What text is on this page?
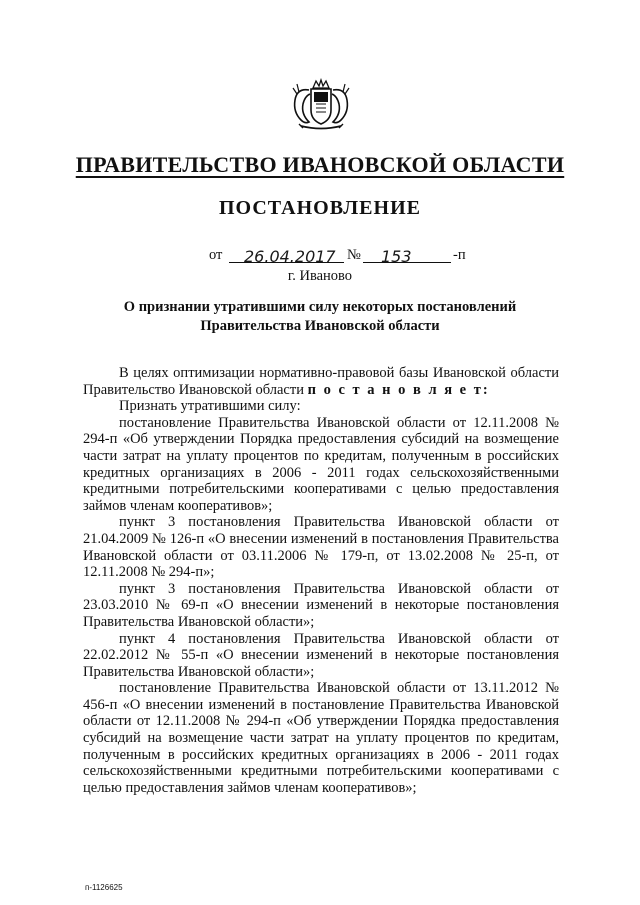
ПРАВИТЕЛЬСТВО ИВАНОВСКОЙ ОБЛАСТИ
ПОСТАНОВЛЕНИЕ
от 26.04.2017 № 153	-п
г. Иваново
О признании утратившими силу некоторых постановлений
Правительства Ивановской области

В целях оптимизации нормативно-правовой базы Ивановской области Правительство Ивановской области п о с т а н о в л я е т:

Признать утратившими силу:

постановление Правительства Ивановской области от 12.11.2008 № 294-п «Об утверждении Порядка предоставления субсидий на возмещение части затрат на уплату процентов по кредитам, полученным в российских кредитных организациях в 2006 - 2011 годах сельскохозяйственными кредитными потребительскими кооперативами с целью предоставления займов членам кооперативов»;

пункт 3 постановления Правительства Ивановской области от 21.04.2009 № 126-п «О внесении изменений в постановления Правительства Ивановской области от 03.11.2006 № 179-п, от 13.02.2008 № 25-п, от 12.11.2008 № 294-п»;

пункт 3 постановления Правительства Ивановской области от 23.03.2010 № 69-п «О внесении изменений в некоторые постановления Правительства Ивановской области»;

пункт 4 постановления Правительства Ивановской области от 22.02.2012 № 55-п «О внесении изменений в некоторые постановления Правительства Ивановской области»;

постановление Правительства Ивановской области от 13.11.2012 № 456-п «О внесении изменений в постановление Правительства Ивановской области от 12.11.2008 № 294-п «Об утверждении Порядка предоставления субсидий на возмещение части затрат на уплату процентов по кредитам, полученным в российских кредитных организациях в 2006 - 2011 годах сельскохозяйственными кредитными потребительскими кооперативами с целью предоставления займов членам кооперативов»;

п-1126625
